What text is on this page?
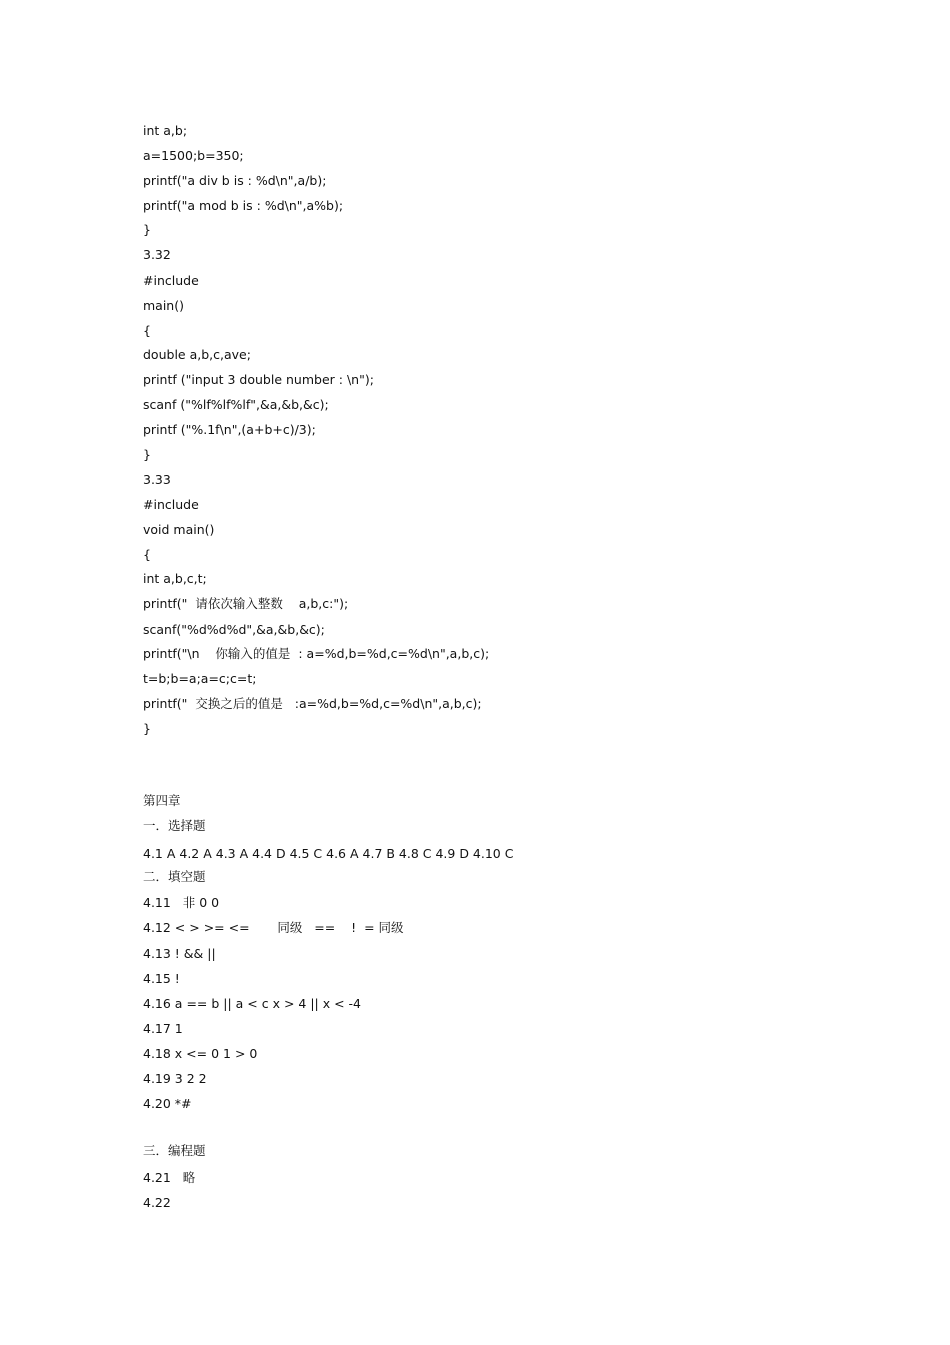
int a,b;
a=1500;b=350;
printf("a div b is : %d\n",a/b);
printf("a mod b is : %d\n",a%b);
}
3.32
#include
main()
{
double a,b,c,ave;
printf ("input 3 double number : \n");
scanf ("%lf%lf%lf",&a,&b,&c);
printf ("%.1f\n",(a+b+c)/3);
}
3.33
#include
void main()
{
int a,b,c,t;
printf("  请依次输入整数    a,b,c:");
scanf("%d%d%d",&a,&b,&c);
printf("\n    你输入的值是  : a=%d,b=%d,c=%d\n",a,b,c);
t=b;b=a;a=c;c=t;
printf("  交换之后的值是   :a=%d,b=%d,c=%d\n",a,b,c);
}
第四章
一．选择题
4.1 A 4.2 A 4.3 A 4.4 D 4.5 C 4.6 A 4.7 B 4.8 C 4.9 D 4.10 C
二．填空题
4.11   非 0 0
4.12 < > >= <=       同级   ==    !  = 同级
4.13 ! && ||
4.15 !
4.16 a == b || a < c x > 4 || x < -4
4.17 1
4.18 x <= 0 1 > 0
4.19 3 2 2
4.20 *#
三．编程题
4.21   略
4.22
